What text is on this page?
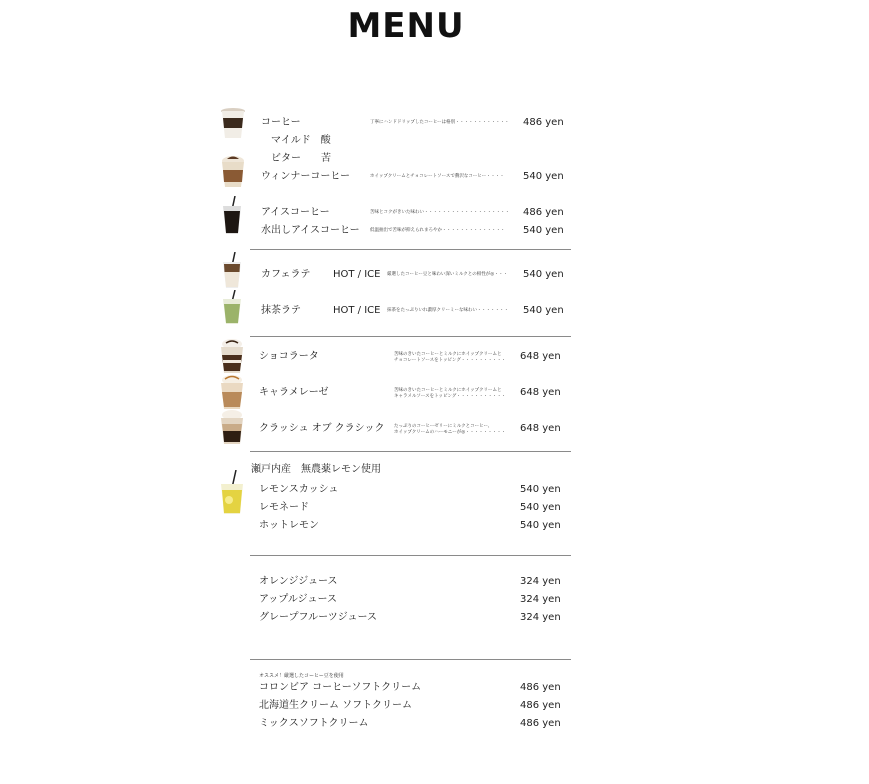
MENU
コーヒー	丁寧にハンドドリップしたコーヒーは格別・・・・・・・・・・・・ 486 yen
マイルド　酸
ビター　　苦
ウィンナーコーヒー	ホイップクリームとチョコレートソースで贅沢なコーヒー・・・・ 540 yen
アイスコーヒー	苦味とコクがきいた味わい・・・・・・・・・・・・・・・・・・・ 486 yen
水出しアイスコーヒー 低温抽出で苦味が抑えられまろやか・・・・・・・・・・・・・・ 540 yen
カフェラテ HOT / ICE 厳選したコーヒー豆と味わい深いミルクとの相性が◎・・・ 540 yen
抹茶ラテ	HOT / ICE 抹茶をたっぷりいれ濃厚クリーミーな味わい・・・・・・・ 540 yen
ショコラータ	苦味のきいたコーヒーとミルクにホイップクリームと
チョコレートソースをトッピング・・・・・・・・・・ 648 yen
キャラメレーゼ	苦味のきいたコーヒーとミルクにホイップクリームと
キャラメルソースをトッピング・・・・・・・・・・・ 648 yen
クラッシュ オブ クラシック たっぷりのコーヒーゼリーにミルクとコーヒー、
ホイップクリームのハーモニーが◎・・・・・・・・・ 648 yen
瀬戸内産　無農薬レモン使用
レモンスカッシュ	540 yen
レモネード	540 yen
ホットレモン	540 yen
オレンジジュース	324 yen
アップルジュース	324 yen
グレープフルーツジュース	324 yen
オススメ！厳選したコーヒー豆を使用
コロンビア コーヒーソフトクリーム	486 yen
北海道生クリーム ソフトクリーム	486 yen
ミックスソフトクリーム	486 yen
